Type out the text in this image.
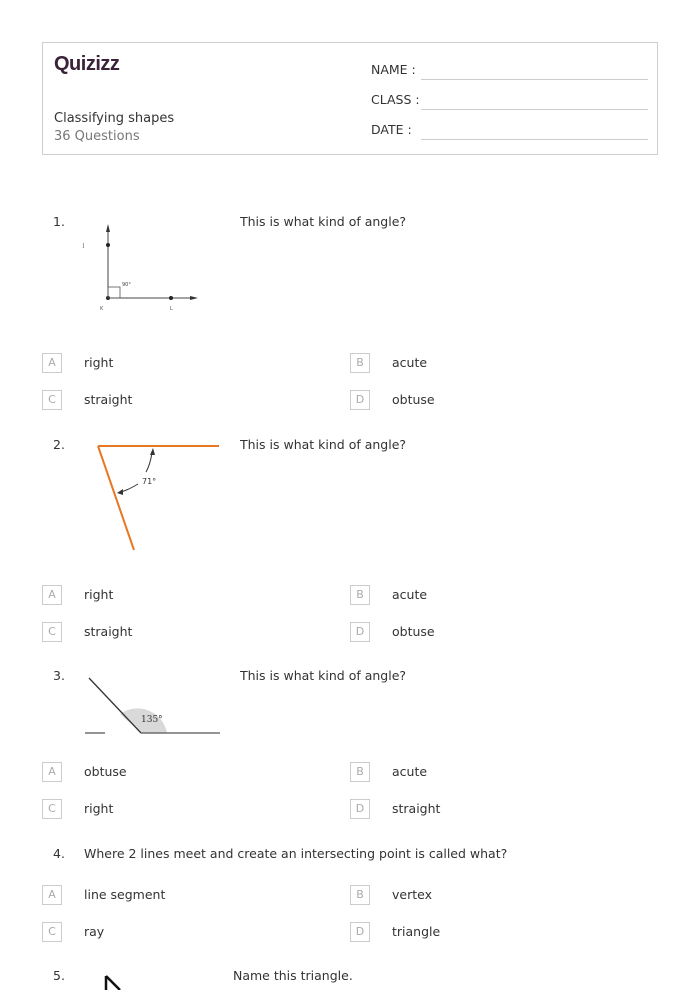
Quizizz
Classifying shapes
36 Questions
NAME :
CLASS :
DATE :
1.	This is what kind of angle?
J
90°
K	L
A	right	B	acute
C	straight	D	obtuse
2.	This is what kind of angle?
71°
A	right	B	acute
C	straight	D	obtuse
3.	This is what kind of angle?
135°
A	obtuse	B	acute
C	right	D	straight
4. Where 2 lines meet and create an intersecting point is called what?
A	line segment	B	vertex
C	ray	D	triangle
5.	Name this triangle.
